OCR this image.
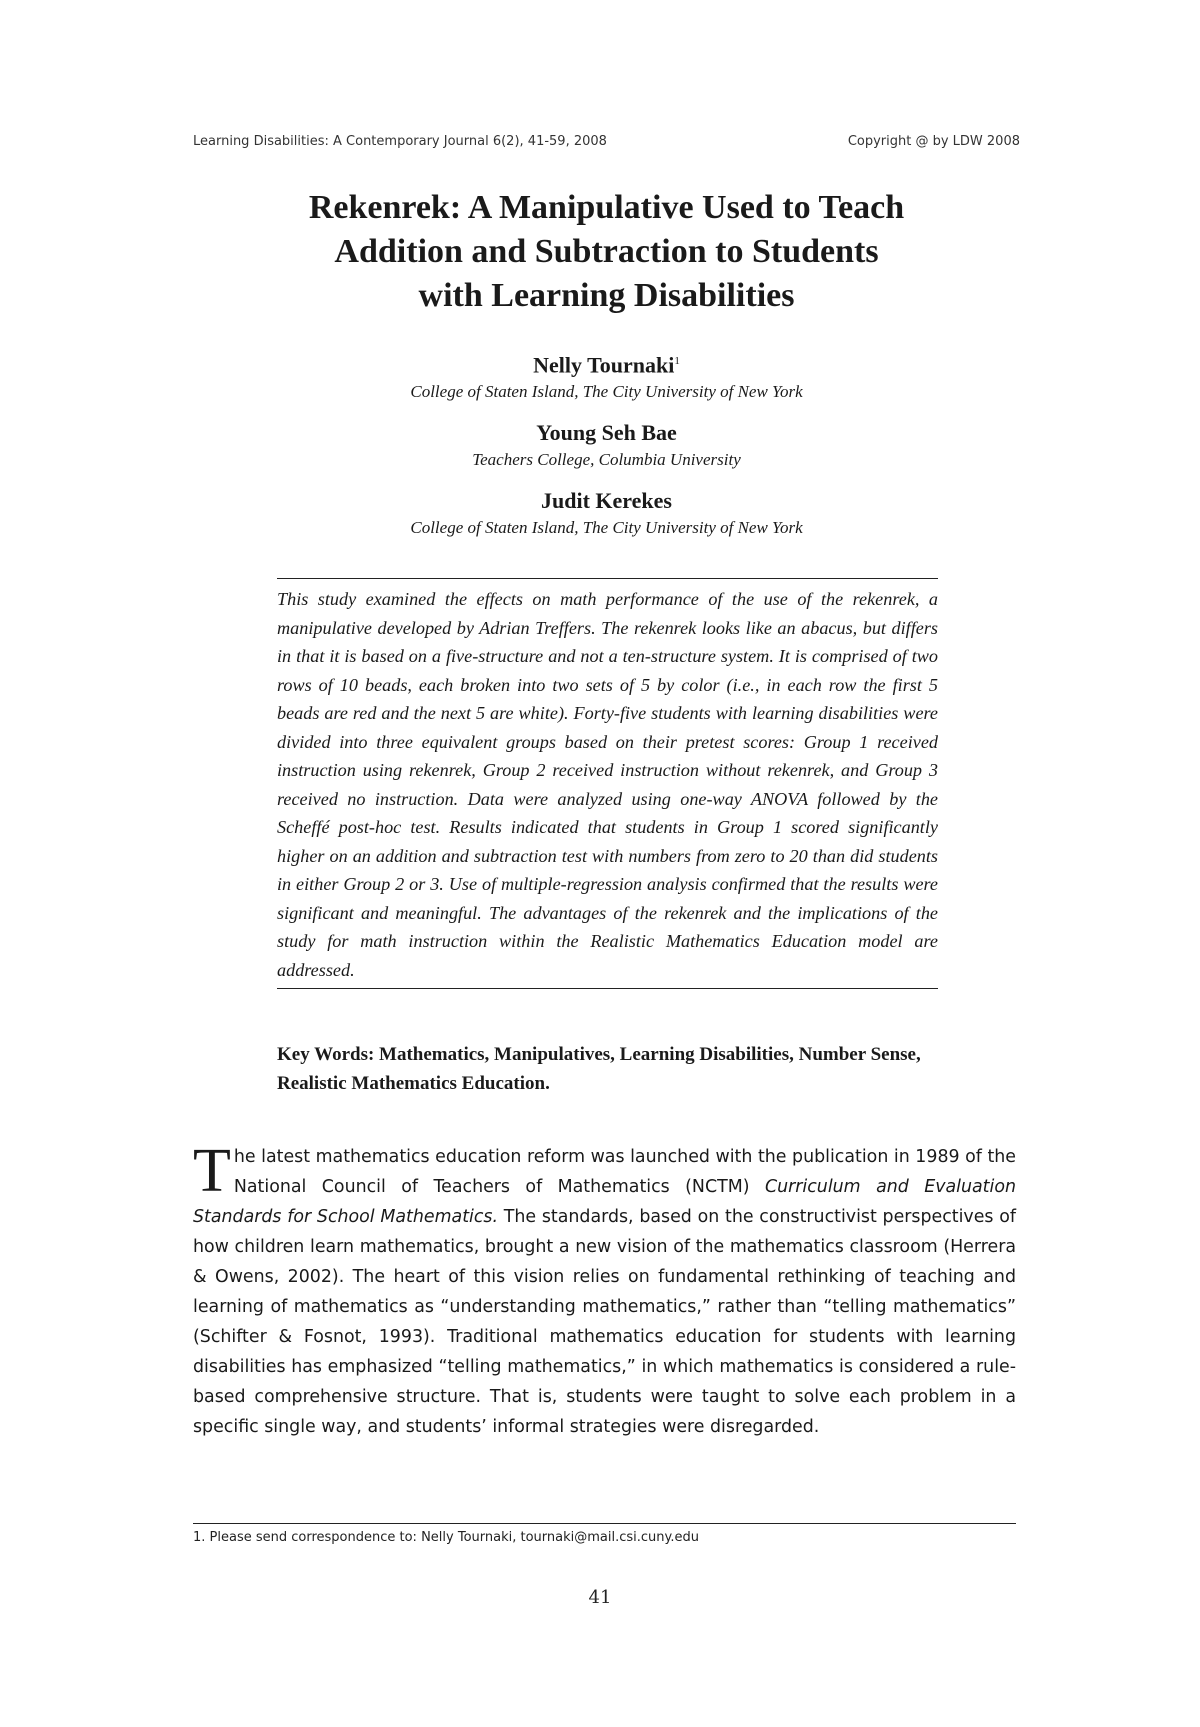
Learning Disabilities: A Contemporary Journal 6(2), 41-59, 2008	Copyright @ by LDW 2008
Rekenrek: A Manipulative Used to Teach
Addition and Subtraction to Students
with Learning Disabilities
Nelly Tournaki$^1$
College of Staten Island, The City University of New York
Young Seh Bae
Teachers College, Columbia University
Judit Kerekes
College of Staten Island, The City University of New York
This study examined the effects on math performance of the use of the rekenrek, a manipulative developed by Adrian Treffers. The rekenrek looks like an abacus, but differs in that it is based on a five-structure and not a ten-structure system. It is comprised of two rows of 10 beads, each broken into two sets of 5 by color (i.e., in each row the first 5 beads are red and the next 5 are white). Forty-five students with learning disabilities were divided into three equivalent groups based on their pretest scores: Group 1 received instruction using rekenrek, Group 2 received instruction without rekenrek, and Group 3 received no instruction. Data were analyzed using one-way ANOVA followed by the Scheffé post-hoc test. Results indicated that students in Group 1 scored significantly higher on an addition and subtraction test with numbers from zero to 20 than did students in either Group 2 or 3. Use of multiple-regression analysis confirmed that the results were significant and meaningful. The advantages of the rekenrek and the implications of the study for math instruction within the Realistic Mathematics Education model are addressed.
Key Words: Mathematics, Manipulatives, Learning Disabilities, Number Sense, Realistic Mathematics Education.

The latest mathematics education reform was launched with the publication in 1989 of the National Council of Teachers of Mathematics (NCTM) Curriculum and Evaluation Standards for School Mathematics. The standards, based on the constructivist perspectives of how children learn mathematics, brought a new vision of the mathematics classroom (Herrera & Owens, 2002). The heart of this vision relies on fundamental rethinking of teaching and learning of mathematics as “understanding mathematics,” rather than “telling mathematics” (Schifter & Fosnot, 1993). Traditional mathematics education for students with learning disabilities has emphasized “telling mathematics,” in which mathematics is considered a rule-based comprehensive structure. That is, students were taught to solve each problem in a specific single way, and students’ informal strategies were disregarded.

1. Please send correspondence to: Nelly Tournaki, tournaki@mail.csi.cuny.edu
41
